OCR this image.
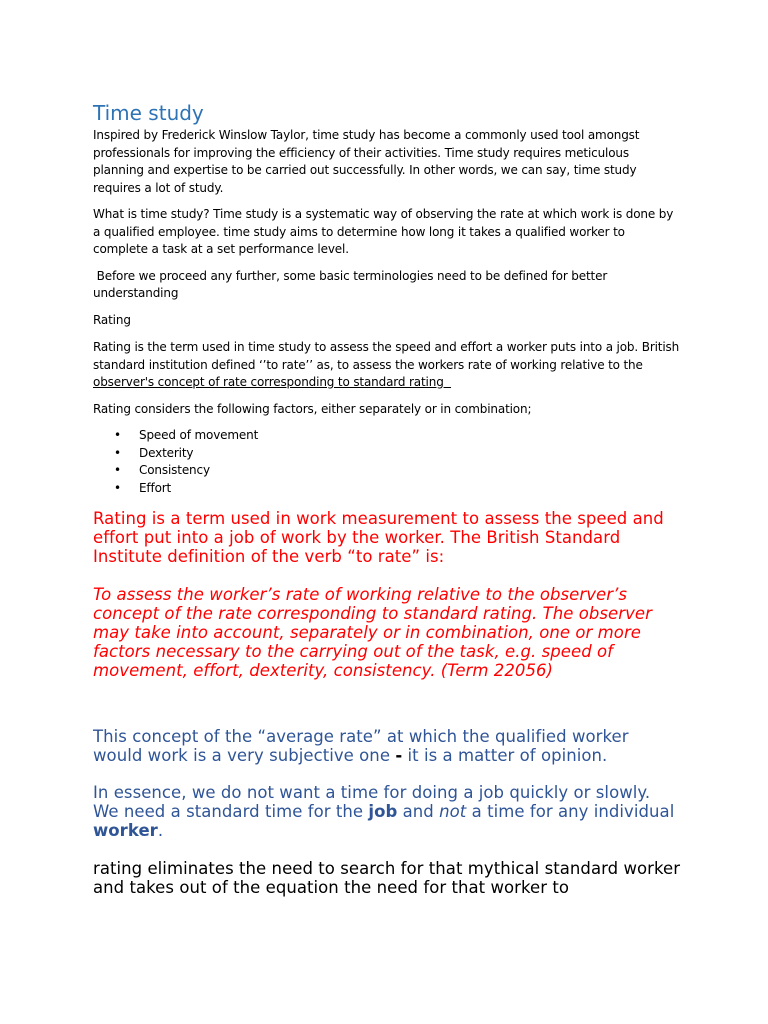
Time study

Inspired by Frederick Winslow Taylor, time study has become a commonly used tool amongst professionals for improving the efficiency of their activities. Time study requires meticulous planning and expertise to be carried out successfully. In other words, we can say, time study requires a lot of study.

What is time study? Time study is a systematic way of observing the rate at which work is done by a qualified employee. time study aims to determine how long it takes a qualified worker to complete a task at a set performance level.

Before we proceed any further, some basic terminologies need to be defined for better understanding

Rating

Rating is the term used in time study to assess the speed and effort a worker puts into a job. British standard institution defined ‘’to rate’’ as, to assess the workers rate of working relative to the observer's concept of rate corresponding to standard rating

Rating considers the following factors, either separately or in combination;

• Speed of movement
• Dexterity
• Consistency
• Effort

Rating is a term used in work measurement to assess the speed and effort put into a job of work by the worker. The British Standard Institute definition of the verb “to rate” is:

To assess the worker’s rate of working relative to the observer’s concept of the rate corresponding to standard rating. The observer may take into account, separately or in combination, one or more factors necessary to the carrying out of the task, e.g. speed of movement, effort, dexterity, consistency. (Term 22056)

This concept of the “average rate” at which the qualified worker would work is a very subjective one - it is a matter of opinion.

In essence, we do not want a time for doing a job quickly or slowly. We need a standard time for the job and not a time for any individual worker.

rating eliminates the need to search for that mythical standard worker and takes out of the equation the need for that worker to
